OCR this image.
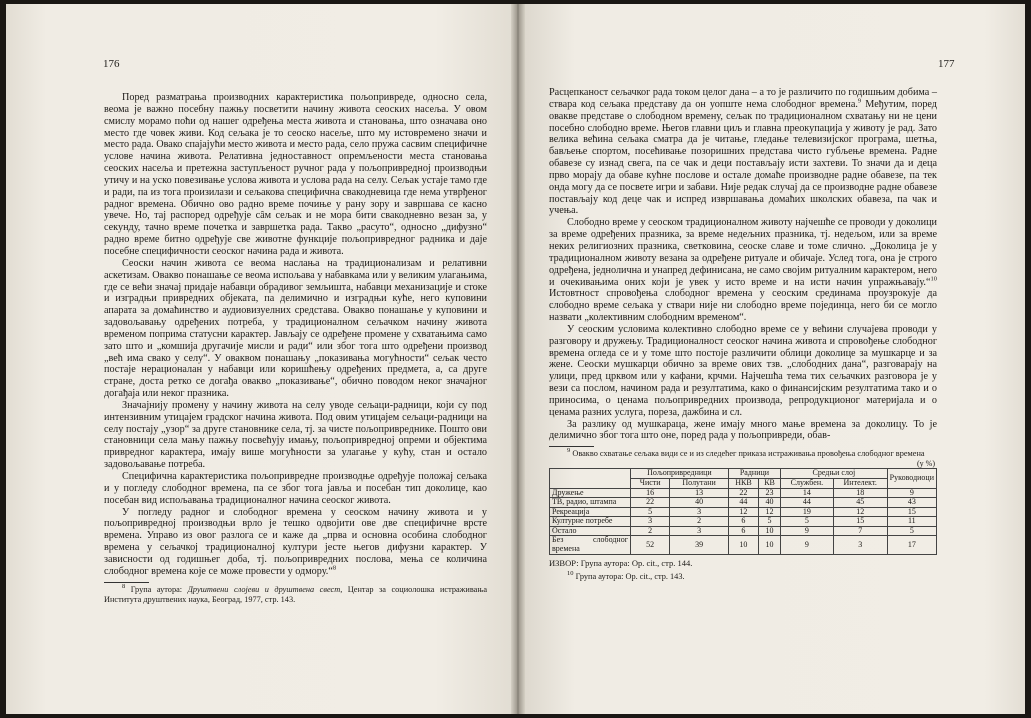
176

Поред разматрања производних карактеристика пољопривреде, односно села, веома је важно посебну пажњу посветити начину живота сеоских насеља. У овом смислу морамо поћи од нашег одређења места живота и становања, што означава оно место где човек живи. Код сељака је то сеоско насеље, што му истовремено значи и место рада. Овако спајајући место живота и место рада, село пружа сасвим специфичне услове начина живота. Релативна једноставност опремљености места становања сеоских насеља и претежна заступљеност ручног рада у пољопривредној производњи утичу и на уско повезивање услова живота и услова рада на селу. Сељак устаје тамо где и ради, па из тога произилази и сељакова специфична свакодневица где нема утврђеног радног времена. Обично ово радно време почиње у рану зору и завршава се касно увече. Но, тај распоред одређује сâм сељак и не мора бити свакодневно везан за, у секунду, тачно време почетка и завршетка рада. Такво „расуто“, односно „дифузно“ радно време битно одређује све животне функције пољопривредног радника и даје посебне специфичности сеоског начина рада и живота.

Сеоски начин живота се веома наслања на традиционализам и релативни аскетизам. Овакво понашање се веома испољава у набавкама или у великим улагањима, где се већи значај придаје набавци обрадивог земљишта, набавци механизације и стоке и изградњи привредних објеката, па делимично и изградњи куће, него куповини апарата за домаћинство и аудиовизуелних средстава. Овакво понашање у куповини и задовољавању одређених потреба, у традиционалном сељачком начину живота временом поприма статусни карактер. Јављају се одређене промене у схватањима само зато што и „комшија другачије мисли и ради“ или због тога што одређени производ „већ има свако у селу“. У оваквом понашању „показивања могућности“ сељак често постаје нерационалан у набавци или коришћењу одређених предмета, а, са друге стране, доста ретко се догађа овакво „показивање“, обично поводом неког значајног догађаја или неког празника.

Значајнију промену у начину живота на селу уводе сељаци-радници, који су под интензивним утицајем градског начина живота. Под овим утицајем сељаци-радници на селу постају „узор“ за друге становнике села, тј. за чисте пољопривреднике. Пошто ови становници села мању пажњу посвећују имању, пољопривредној опреми и објектима привредног карактера, имају више могућности за улагање у кућу, стан и остало задовољавање потреба.

Специфична карактеристика пољопривредне производње одређује положај сељака и у погледу слободног времена, па се због тога јавља и посебан тип доколице, као посебан вид испољавања традиционалног начина сеоског живота.

У погледу радног и слободног времена у сеоском начину живота и у пољопривредној производњи врло је тешко одвојити ове две специфичне врсте времена. Управо из овог разлога се и каже да „прва и основна особина слободног времена у сељачкој традиционалној култури јесте његов дифузни карактер. У зависности од годишњег доба, тј. пољопривредних послова, мења се количина слободног времена које се може провести у одмору.“$^8$

$^8$ Група аутора: Друштвени слојеви и друштвена свест, Центар за социолошка истраживања Института друштвених наука, Београд, 1977, стр. 143.

177

Расцепканост сељачког рада током целог дана – а то је различито по годишњим добима – ствара код сељака представу да он уопште нема слободног времена.$^9$ Међутим, поред овакве представе о слободном времену, сељак по традиционалном схватању ни не цени посебно слободно време. Његов главни циљ и главна преокупација у животу је рад. Зато велика већина сељака сматра да је читање, гледање телевизијског програма, шетња, бављење спортом, посећивање позоришних представа чисто губљење времена. Радне обавезе су изнад свега, па се чак и деци постављају исти захтеви. То значи да и деца прво морају да обаве кућне послове и остале домаће производне радне обавезе, па тек онда могу да се посвете игри и забави. Није редак случај да се производне радне обавезе постављају код деце чак и испред извршавања домаћих школских обавеза, па чак и учења.

Слободно време у сеоском традиционалном животу најчешће се проводи у доколици за време одређених празника, за време недељних празника, тј. недељом, или за време неких религиозних празника, светковина, сеоске славе и томе слично. „Доколица је у традиционалном животу везана за одређене ритуале и обичаје. Услед тога, она је строго одређена, једнолична и унапред дефинисана, не само својим ритуалним карактером, него и очекивањима оних који је увек у исто време и на исти начин упражњавају.“$^{10}$ Истовтност спровођења слободног времена у сеоским срединама проузрокује да слободно време сељака у ствари није ни слободно време појединца, него би се могло назвати „колективним слободним временом“.

У сеоским условима колективно слободно време се у већини случајева проводи у разговору и дружењу. Традиционалност сеоског начина живота и спровођење слободног времена огледа се и у томе што постоје различити облици доколице за мушкарце и за жене. Сеоски мушкарци обично за време ових тзв. „слободних дана“, разговарају на улици, пред црквом или у кафани, крчми. Најчешћа тема тих сељачких разговора је у вези са послом, начином рада и резултатима, како о финансијским резултатима тако и о приносима, о ценама пољопривредних производа, репродукционог материјала и о ценама разних услуга, пореза, дажбина и сл.

За разлику од мушкараца, жене имају много мање времена за доколицу. То је делимично због тога што оне, поред рада у пољопривреди, обав-

$^9$ Овакво схватање сељака види се и из следећег приказа истраживања провођења слободног времена

(у %)
	Пољопривредници		Радници		Средњи слој		Руководиоци
	Чисти	Полутани	НКВ	КВ	Службен.	Интелект.	
Дружење	16	13	22	23	14	18	9
ТВ, радио, штампа	22	40	44	40	44	45	43
Рекреација	5	3	12	12	19	12	15
Културне потребе	3	2	6	5	5	15	11
Остало	2	3	6	10	9	7	5
Без слободног времена	52	39	10	10	9	3	17
ИЗВОР: Група аутора: Op. cit., стр. 144.

$^{10}$ Група аутора: Op. cit., стр. 143.
